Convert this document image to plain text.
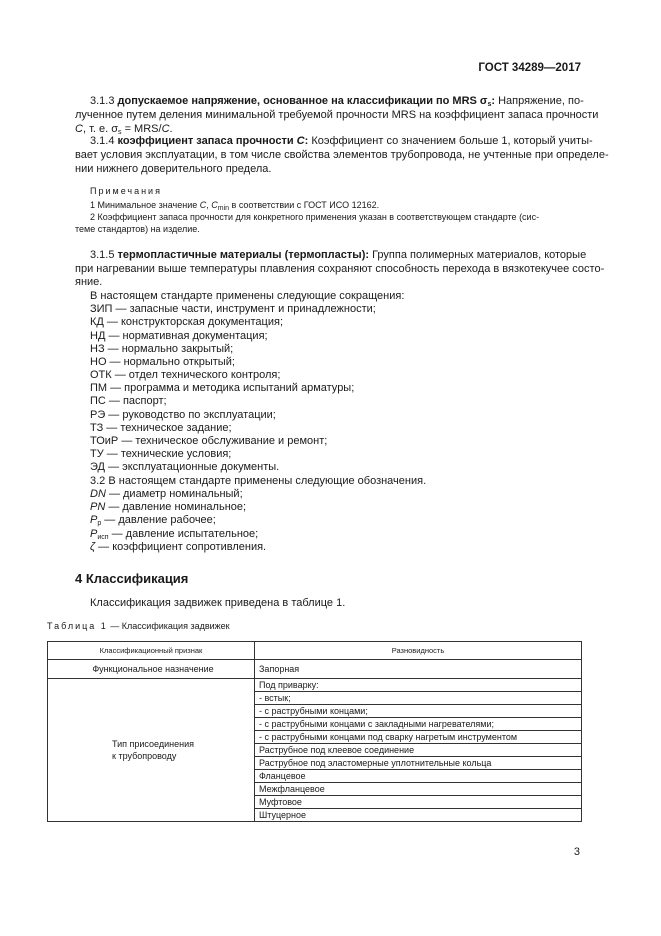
ГОСТ 34289—2017
3.1.3 допускаемое напряжение, основанное на классификации по MRS $\sigma_s$: Напряжение, по-
лученное путем деления минимальной требуемой прочности MRS на коэффициент запаса прочности
C, т. е. $\sigma_s = MRS/C$.
3.1.4 коэффициент запаса прочности C: Коэффициент со значением больше 1, который учиты-
вает условия эксплуатации, в том числе свойства элементов трубопровода, не учтенные при определе-
нии нижнего доверительного предела.
Примечания
1 Минимальное значение C, $C_{min}$ в соответствии с ГОСТ ИСО 12162.
2 Коэффициент запаса прочности для конкретного применения указан в соответствующем стандарте (сис-
теме стандартов) на изделие.
3.1.5 термопластичные материалы (термопласты): Группа полимерных материалов, которые
при нагревании выше температуры плавления сохраняют способность перехода в вязкотекучее состо-
яние.
В настоящем стандарте применены следующие сокращения:
ЗИП — запасные части, инструмент и принадлежности;
КД — конструкторская документация;
НД — нормативная документация;
НЗ — нормально закрытый;
НО — нормально открытый;
ОТК — отдел технического контроля;
ПМ — программа и методика испытаний арматуры;
ПС — паспорт;
РЭ — руководство по эксплуатации;
ТЗ — техническое задание;
ТОиР — техническое обслуживание и ремонт;
ТУ — технические условия;
ЭД — эксплуатационные документы.
3.2 В настоящем стандарте применены следующие обозначения.
DN — диаметр номинальный;
PN — давление номинальное;
$P_р$ — давление рабочее;
$P_{исп}$ — давление испытательное;
ζ — коэффициент сопротивления.
4 Классификация
Классификация задвижек приведена в таблице 1.
Таблица 1 — Классификация задвижек
Классификационный признак	Разновидность
Функциональное назначение	Запорная

Тип присоединения
к трубопроводу	Под приварку:
	- встык;
	- с раструбными концами;
	- с раструбными концами с закладными нагревателями;
	- с раструбными концами под сварку нагретым инструментом
	Раструбное под клеевое соединение
	Раструбное под эластомерные уплотнительные кольца
	Фланцевое
	Межфланцевое
	Муфтовое
	Штуцерное
3
